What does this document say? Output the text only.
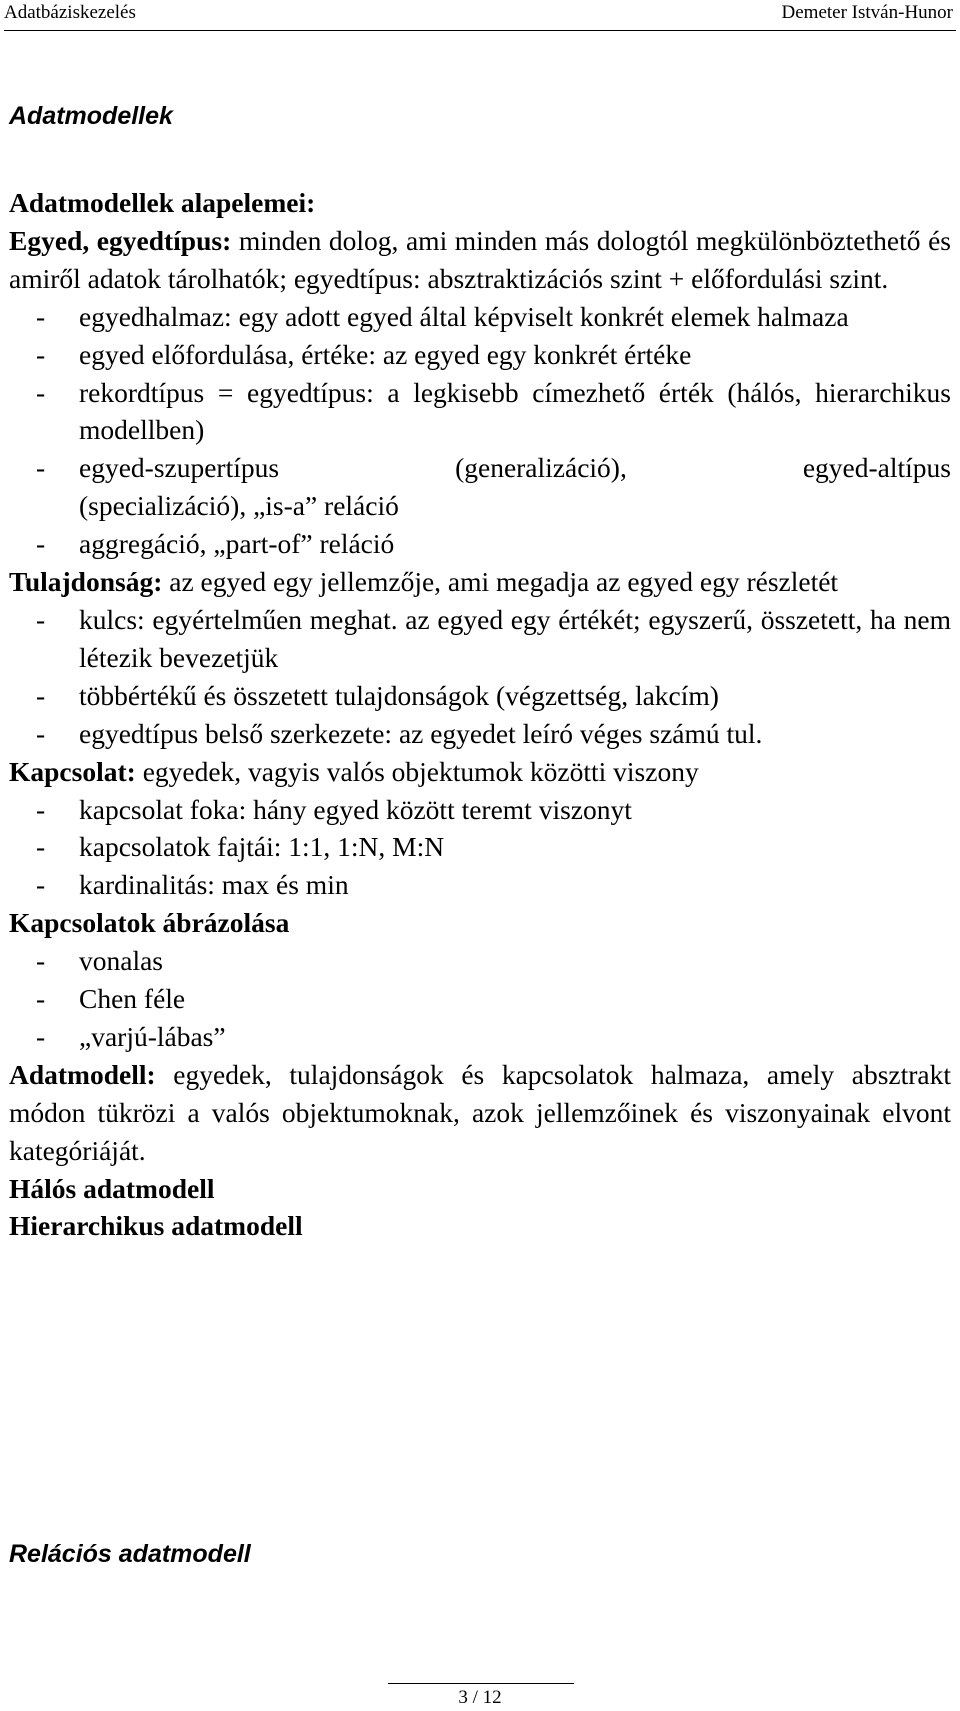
Adatbáziskezelés	Demeter István-Hunor
Adatmodellek

Adatmodellek alapelemei:

Egyed, egyedtípus: minden dolog, ami minden más dologtól megkülönböztethető és amiről adatok tárolhatók; egyedtípus: absztraktizációs szint + előfordulási szint.

- egyedhalmaz: egy adott egyed által képviselt konkrét elemek halmaza
- egyed előfordulása, értéke: az egyed egy konkrét értéke
- rekordtípus = egyedtípus: a legkisebb címezhető érték (hálós, hierarchikus modellben)
- egyed-szupertípus	(generalizáció),	egyed-altípus
(specializáció), „is-a” reláció
- aggregáció, „part-of” reláció

Tulajdonság: az egyed egy jellemzője, ami megadja az egyed egy részletét

- kulcs: egyértelműen meghat. az egyed egy értékét; egyszerű, összetett, ha nem létezik bevezetjük
- többértékű és összetett tulajdonságok (végzettség, lakcím)
- egyedtípus belső szerkezete: az egyedet leíró véges számú tul.

Kapcsolat: egyedek, vagyis valós objektumok közötti viszony

- kapcsolat foka: hány egyed között teremt viszonyt
- kapcsolatok fajtái: 1:1, 1:N, M:N
- kardinalitás: max és min

Kapcsolatok ábrázolása

- vonalas
- Chen féle
- „varjú-lábas”

Adatmodell: egyedek, tulajdonságok és kapcsolatok halmaza, amely absztrakt módon tükrözi a valós objektumoknak, azok jellemzőinek és viszonyainak elvont kategóriáját.

Hálós adatmodell

Hierarchikus adatmodell

Relációs adatmodell
3 / 12
